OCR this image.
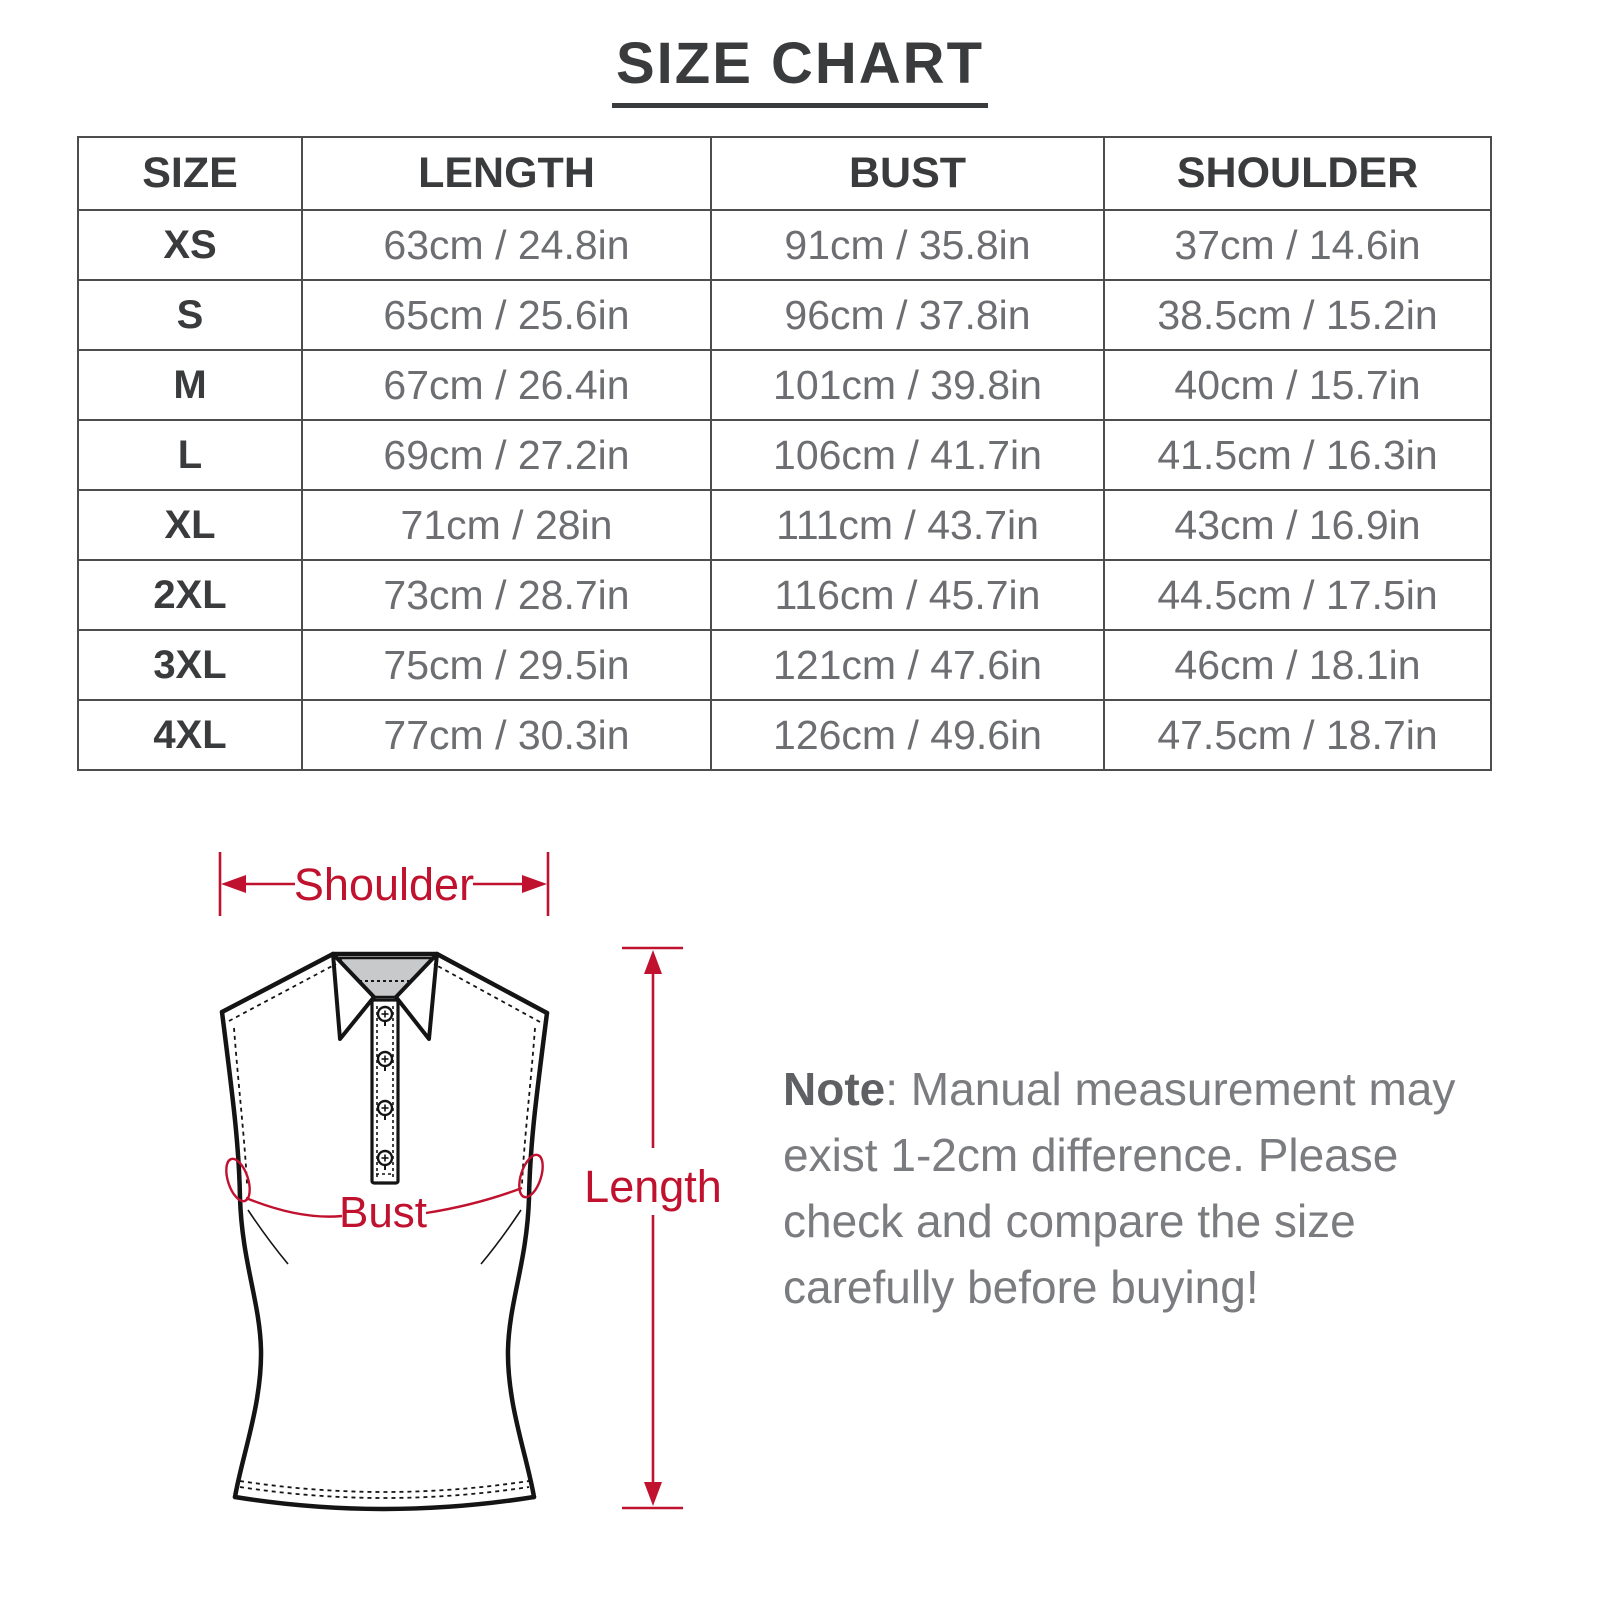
SIZE CHART
SIZE	LENGTH	BUST	SHOULDER
XS	63cm / 24.8in	91cm / 35.8in	37cm / 14.6in
S	65cm / 25.6in	96cm / 37.8in	38.5cm / 15.2in
M	67cm / 26.4in	101cm / 39.8in	40cm / 15.7in
L	69cm / 27.2in	106cm / 41.7in	41.5cm / 16.3in
XL	71cm / 28in	111cm / 43.7in	43cm / 16.9in
2XL	73cm / 28.7in	116cm / 45.7in	44.5cm / 17.5in
3XL	75cm / 29.5in	121cm / 47.6in	46cm / 18.1in
4XL	77cm / 30.3in	126cm / 49.6in	47.5cm / 18.7in
Shoulder
Bust
Length
Note: Manual measurement may
exist 1-2cm difference. Please
check and compare the size
carefully before buying!
